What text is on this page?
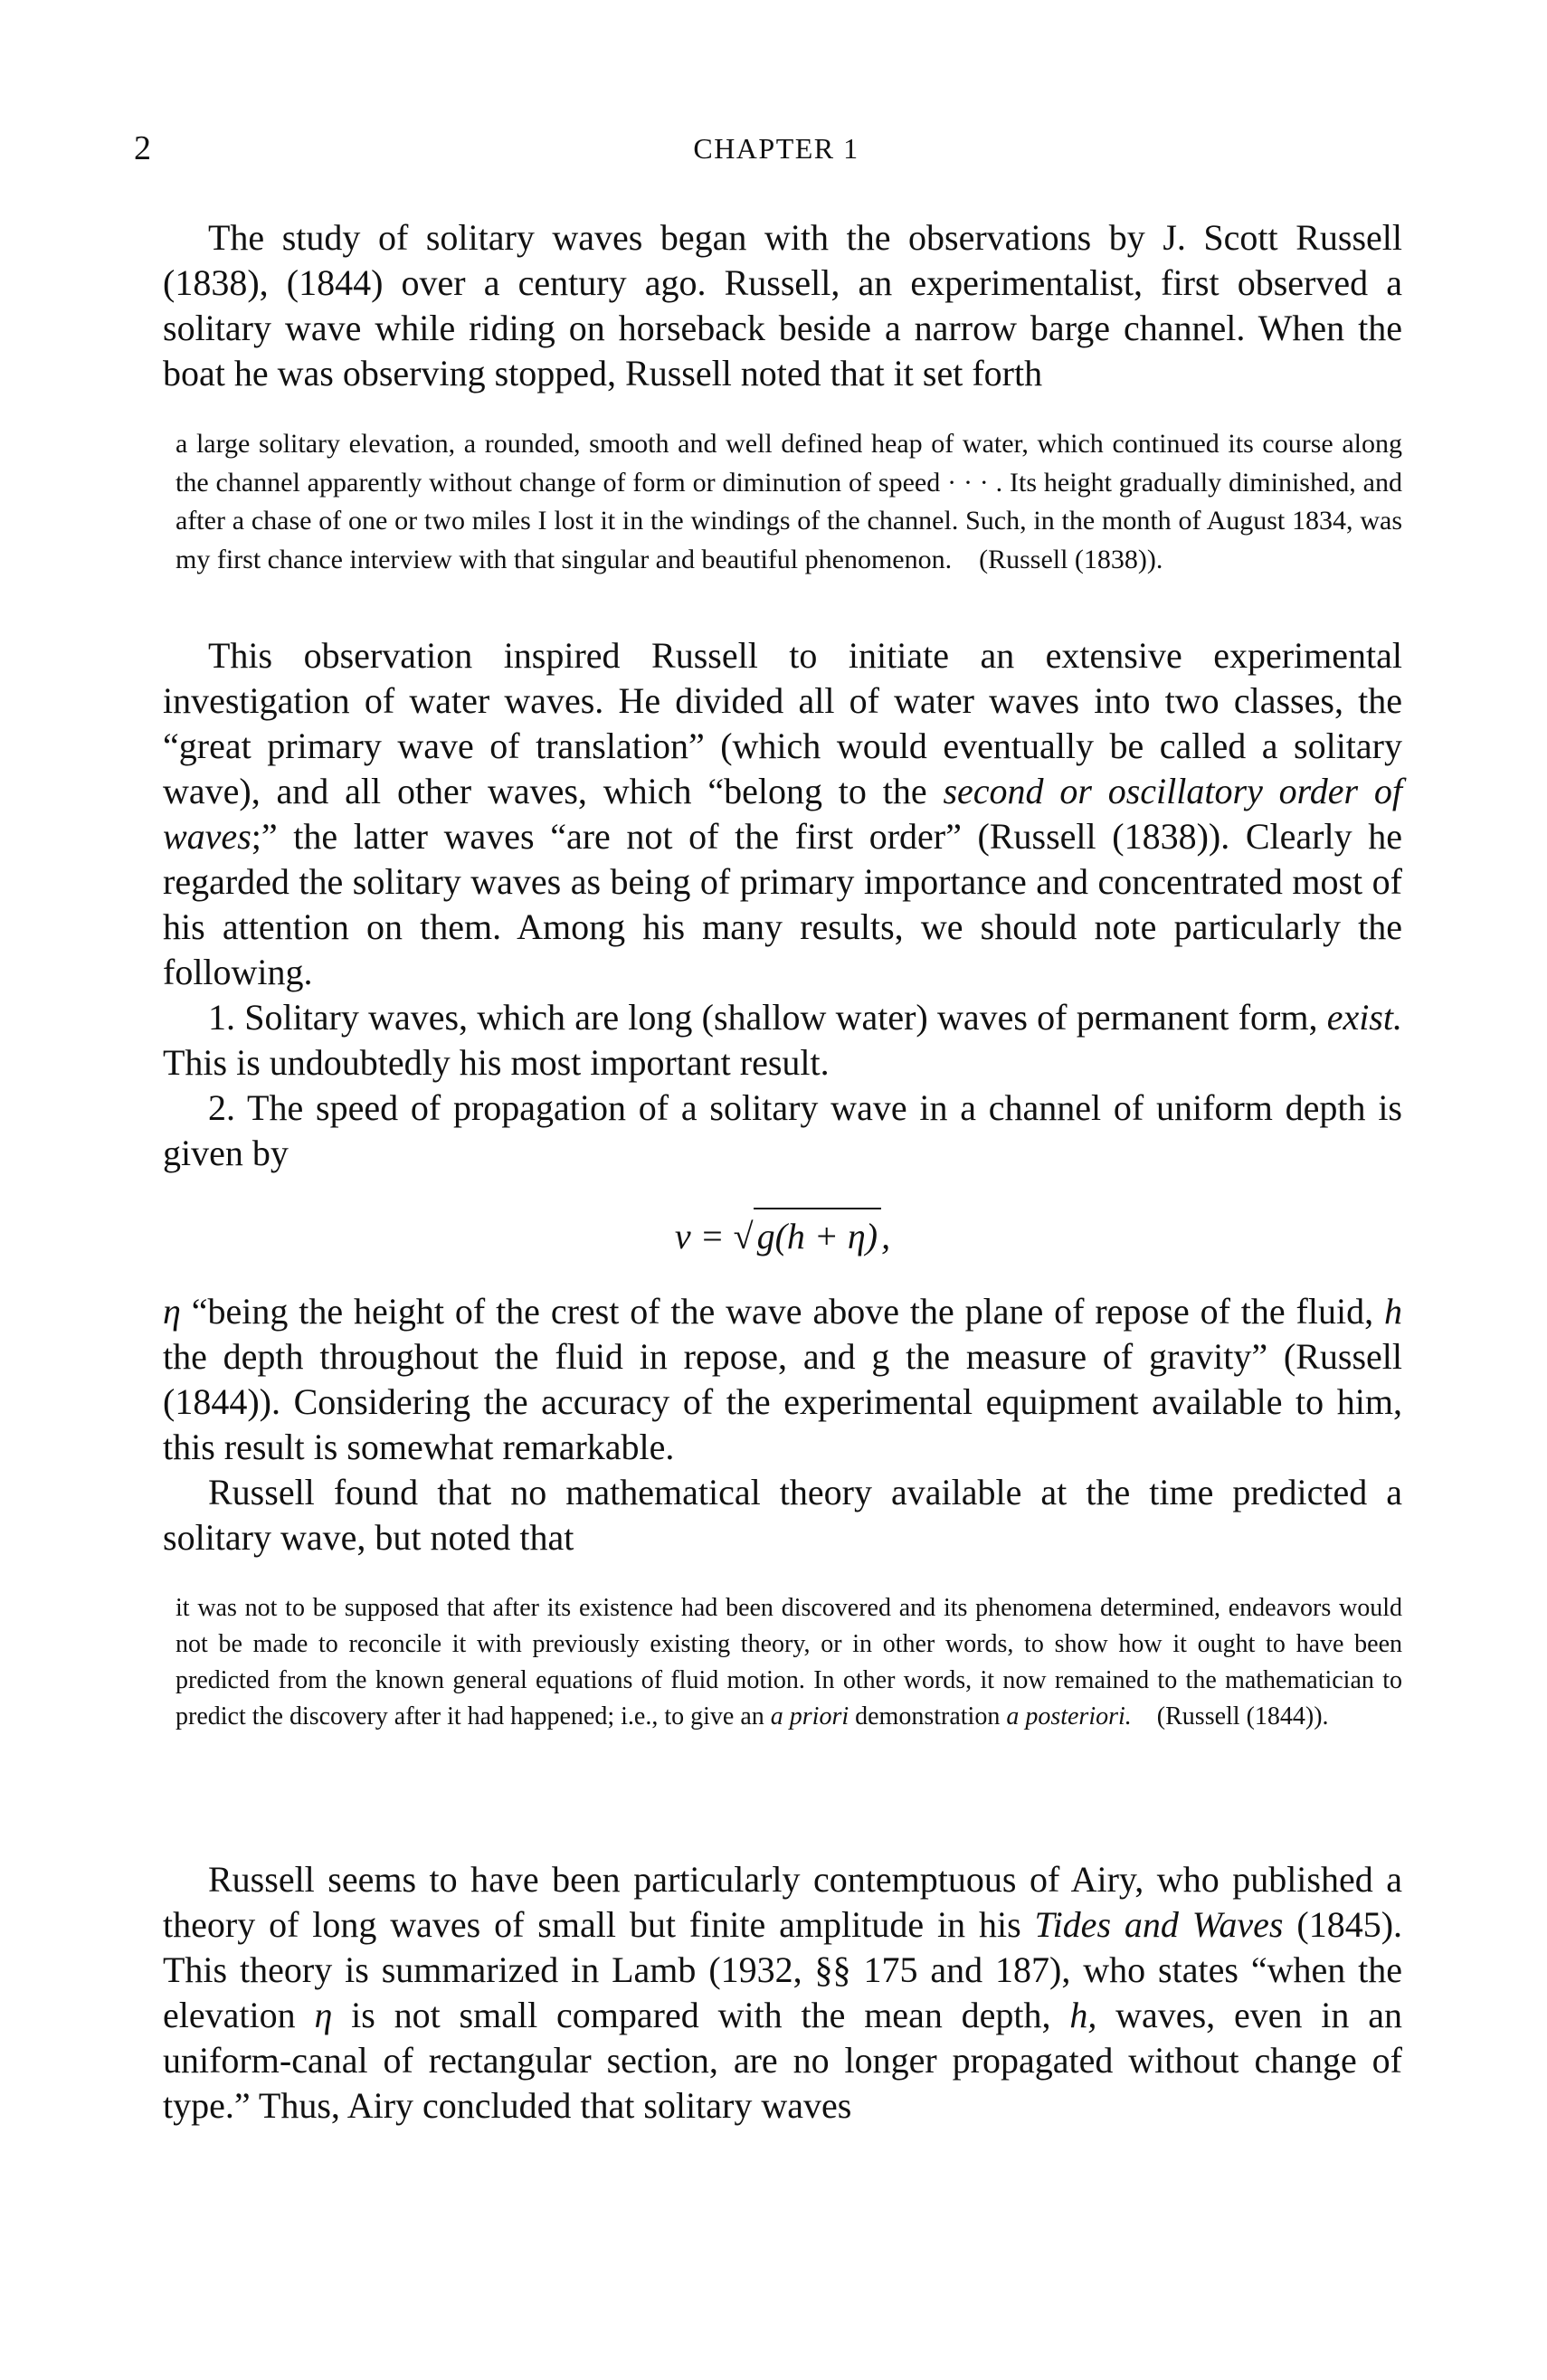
2	CHAPTER 1

The study of solitary waves began with the observations by J. Scott Russell (1838), (1844) over a century ago. Russell, an experimentalist, first observed a solitary wave while riding on horseback beside a narrow barge channel. When the boat he was observing stopped, Russell noted that it set forth

a large solitary elevation, a rounded, smooth and well defined heap of water, which continued its course along the channel apparently without change of form or diminution of speed · · · . Its height gradually diminished, and after a chase of one or two miles I lost it in the windings of the channel. Such, in the month of August 1834, was my first chance interview with that singular and beautiful phenomenon. (Russell (1838)).

This observation inspired Russell to initiate an extensive experimental investigation of water waves. He divided all of water waves into two classes, the “great primary wave of translation” (which would eventually be called a solitary wave), and all other waves, which “belong to the second or oscillatory order of waves;” the latter waves “are not of the first order” (Russell (1838)). Clearly he regarded the solitary waves as being of primary importance and concentrated most of his attention on them. Among his many results, we should note particularly the following.

1. Solitary waves, which are long (shallow water) waves of permanent form, exist. This is undoubtedly his most important result.

2. The speed of propagation of a solitary wave in a channel of uniform depth is given by

v = √ g(h + η) ,

η “being the height of the crest of the wave above the plane of repose of the fluid, h the depth throughout the fluid in repose, and g the measure of gravity” (Russell (1844)). Considering the accuracy of the experimental equipment available to him, this result is somewhat remarkable.

Russell found that no mathematical theory available at the time predicted a solitary wave, but noted that

it was not to be supposed that after its existence had been discovered and its phenomena determined, endeavors would not be made to reconcile it with previously existing theory, or in other words, to show how it ought to have been predicted from the known general equations of fluid motion. In other words, it now remained to the mathematician to predict the discovery after it had happened; i.e., to give an a priori demonstration a posteriori. (Russell (1844)).

Russell seems to have been particularly contemptuous of Airy, who published a theory of long waves of small but finite amplitude in his Tides and Waves (1845). This theory is summarized in Lamb (1932, §§ 175 and 187), who states “when the elevation η is not small compared with the mean depth, h, waves, even in an uniform-canal of rectangular section, are no longer propagated without change of type.” Thus, Airy concluded that solitary waves
